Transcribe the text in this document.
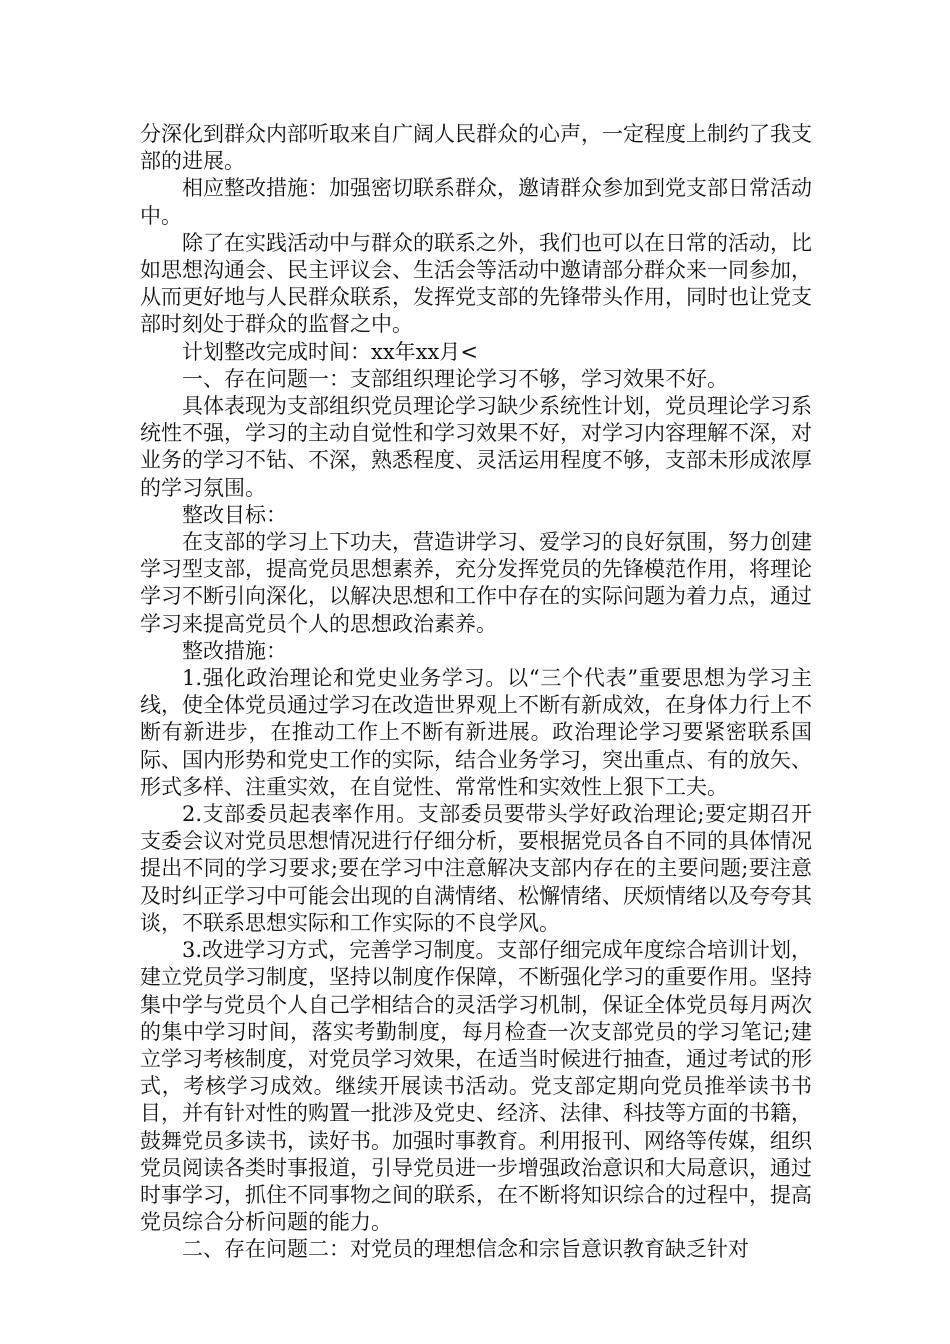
分深化到群众内部听取来自广阔人民群众的心声，一定程度上制约了我支部的进展。

相应整改措施：加强密切联系群众，邀请群众参加到党支部日常活动中。

除了在实践活动中与群众的联系之外，我们也可以在日常的活动，比如思想沟通会、民主评议会、生活会等活动中邀请部分群众来一同参加，从而更好地与人民群众联系，发挥党支部的先锋带头作用，同时也让党支部时刻处于群众的监督之中。

计划整改完成时间：xx年xx月<

一、存在问题一：支部组织理论学习不够，学习效果不好。

具体表现为支部组织党员理论学习缺少系统性计划，党员理论学习系统性不强，学习的主动自觉性和学习效果不好，对学习内容理解不深，对业务的学习不钻、不深，熟悉程度、灵活运用程度不够，支部未形成浓厚的学习氛围。

整改目标：

在支部的学习上下功夫，营造讲学习、爱学习的良好氛围，努力创建学习型支部，提高党员思想素养，充分发挥党员的先锋模范作用，将理论学习不断引向深化，以解决思想和工作中存在的实际问题为着力点，通过学习来提高党员个人的思想政治素养。

整改措施：

1.强化政治理论和党史业务学习。以“三个代表”重要思想为学习主线，使全体党员通过学习在改造世界观上不断有新成效，在身体力行上不断有新进步，在推动工作上不断有新进展。政治理论学习要紧密联系国际、国内形势和党史工作的实际，结合业务学习，突出重点、有的放矢、形式多样、注重实效，在自觉性、常常性和实效性上狠下工夫。

2.支部委员起表率作用。支部委员要带头学好政治理论;要定期召开支委会议对党员思想情况进行仔细分析，要根据党员各自不同的具体情况提出不同的学习要求;要在学习中注意解决支部内存在的主要问题;要注意及时纠正学习中可能会出现的自满情绪、松懈情绪、厌烦情绪以及夸夸其谈，不联系思想实际和工作实际的不良学风。

3.改进学习方式，完善学习制度。支部仔细完成年度综合培训计划，建立党员学习制度，坚持以制度作保障，不断强化学习的重要作用。坚持集中学与党员个人自己学相结合的灵活学习机制，保证全体党员每月两次的集中学习时间，落实考勤制度，每月检查一次支部党员的学习笔记;建立学习考核制度，对党员学习效果，在适当时候进行抽查，通过考试的形式，考核学习成效。继续开展读书活动。党支部定期向党员推举读书书目，并有针对性的购置一批涉及党史、经济、法律、科技等方面的书籍，鼓舞党员多读书，读好书。加强时事教育。利用报刊、网络等传媒，组织党员阅读各类时事报道，引导党员进一步增强政治意识和大局意识，通过时事学习，抓住不同事物之间的联系，在不断将知识综合的过程中，提高党员综合分析问题的能力。

二、存在问题二：对党员的理想信念和宗旨意识教育缺乏针对
